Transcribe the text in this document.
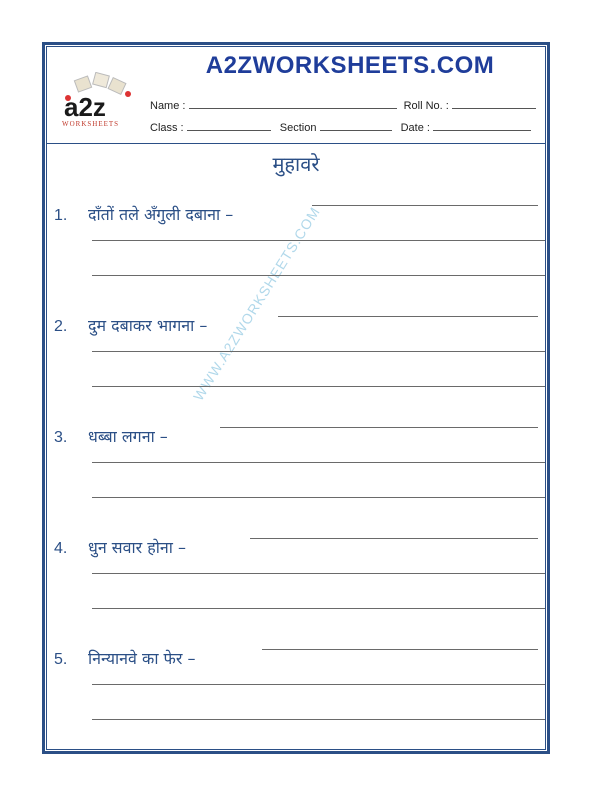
a2z
WORKSHEETS
A2ZWORKSHEETS.COM
Name :	Roll No. :
Class :	Section	Date :
मुहावरे
WWW.A2ZWORKSHEETS.COM
1. दाँतों तले अँगुली दबाना –
2. दुम दबाकर भागना –
3. धब्बा लगना –
4. धुन सवार होना –
5. निन्यानवे का फेर –
